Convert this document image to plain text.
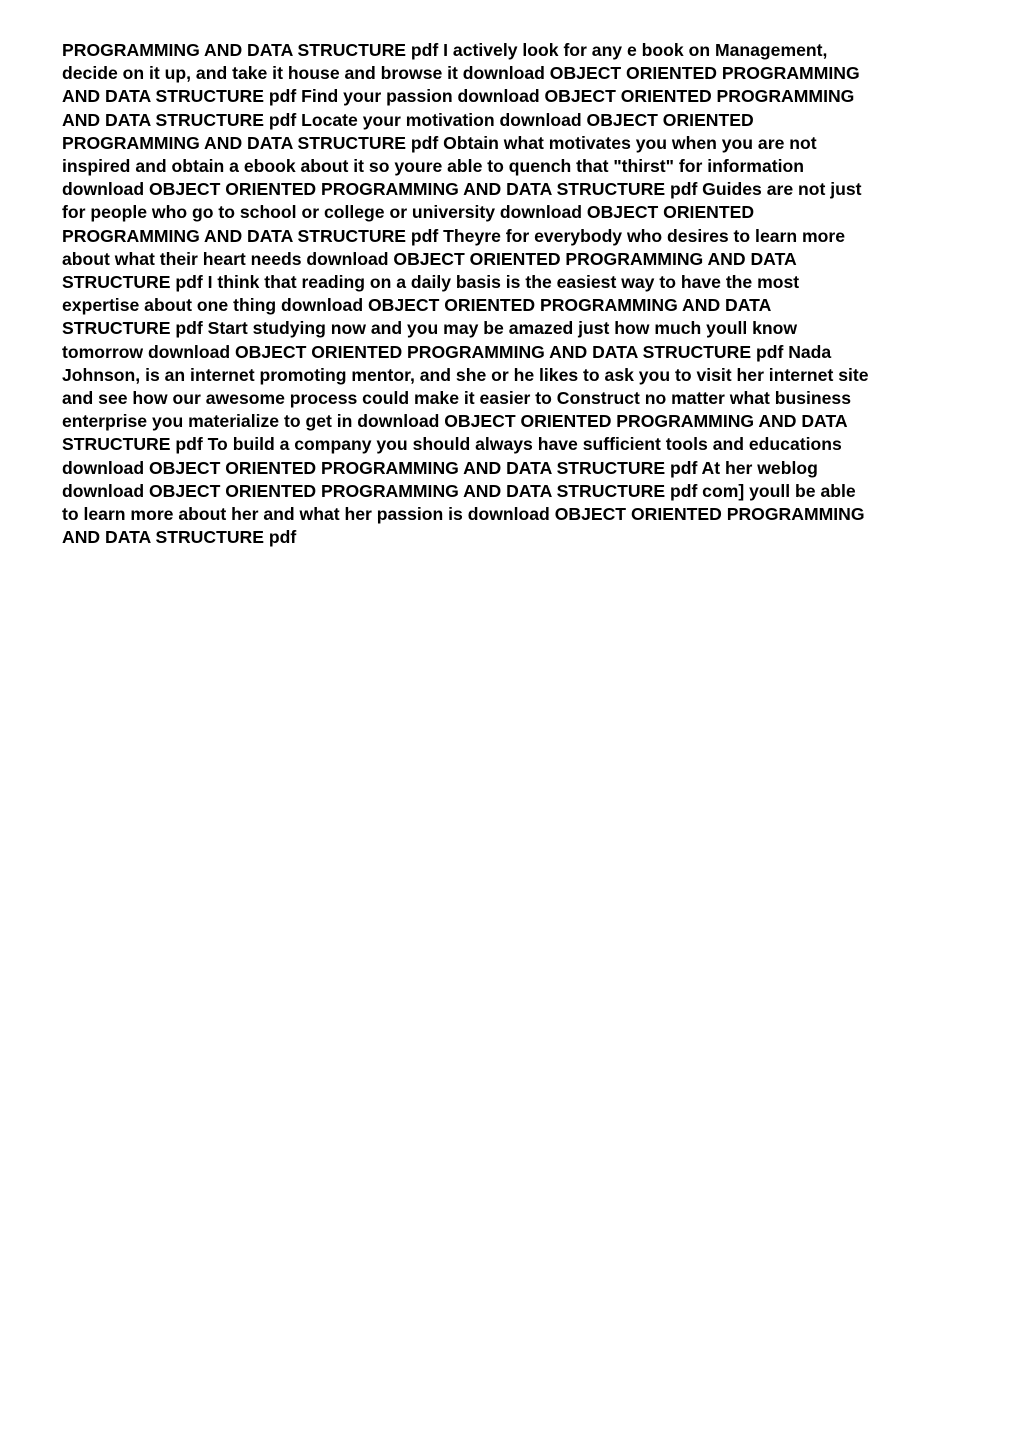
PROGRAMMING AND DATA STRUCTURE pdf I actively look for any e book on Management,
decide on it up, and take it house and browse it download OBJECT ORIENTED PROGRAMMING
AND DATA STRUCTURE pdf Find your passion download OBJECT ORIENTED PROGRAMMING
AND DATA STRUCTURE pdf Locate your motivation download OBJECT ORIENTED
PROGRAMMING AND DATA STRUCTURE pdf Obtain what motivates you when you are not
inspired and obtain a ebook about it so youre able to quench that "thirst" for information
download OBJECT ORIENTED PROGRAMMING AND DATA STRUCTURE pdf Guides are not just
for people who go to school or college or university download OBJECT ORIENTED
PROGRAMMING AND DATA STRUCTURE pdf Theyre for everybody who desires to learn more
about what their heart needs download OBJECT ORIENTED PROGRAMMING AND DATA
STRUCTURE pdf I think that reading on a daily basis is the easiest way to have the most
expertise about one thing download OBJECT ORIENTED PROGRAMMING AND DATA
STRUCTURE pdf Start studying now and you may be amazed just how much youll know
tomorrow download OBJECT ORIENTED PROGRAMMING AND DATA STRUCTURE pdf Nada
Johnson, is an internet promoting mentor, and she or he likes to ask you to visit her internet site
and see how our awesome process could make it easier to Construct no matter what business
enterprise you materialize to get in download OBJECT ORIENTED PROGRAMMING AND DATA
STRUCTURE pdf To build a company you should always have sufficient tools and educations
download OBJECT ORIENTED PROGRAMMING AND DATA STRUCTURE pdf At her weblog
download OBJECT ORIENTED PROGRAMMING AND DATA STRUCTURE pdf com] youll be able
to learn more about her and what her passion is download OBJECT ORIENTED PROGRAMMING
AND DATA STRUCTURE pdf
